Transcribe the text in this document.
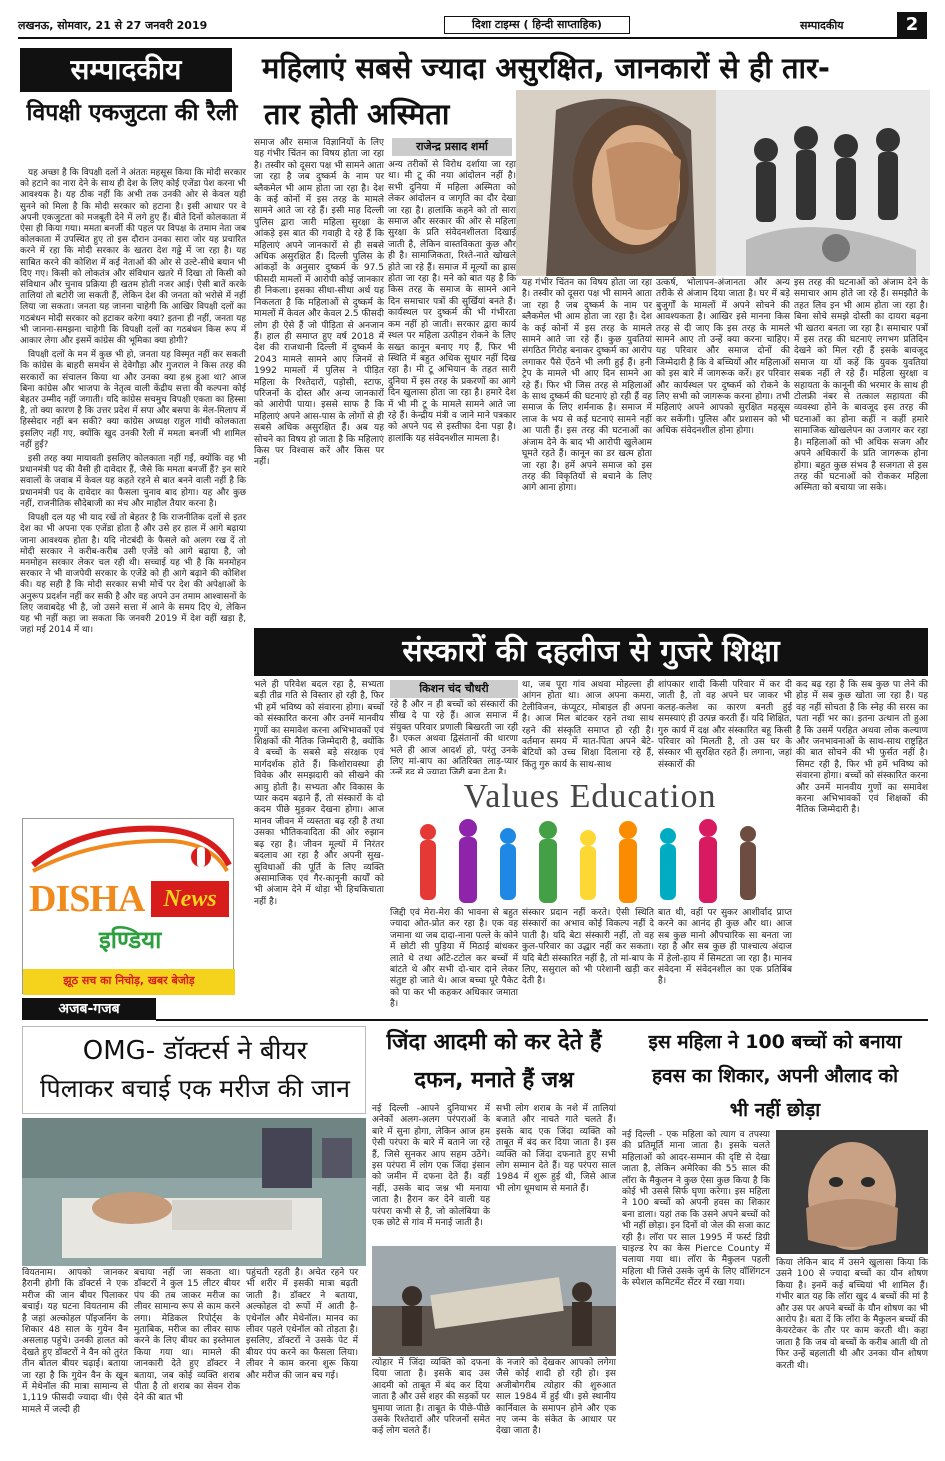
लखनऊ, सोमवार, 21 से 27 जनवरी 2019	दिशा टाइम्स ( हिन्दी साप्ताहिक)	सम्पादकीय	2
सम्पादकीय
विपक्षी एकजुटता की रैली

यह अच्छा है कि विपक्षी दलों ने अंततः महसूस किया कि मोदी सरकार को हटाने का नारा देने के साथ ही देश के लिए कोई एजेंडा पेश करना भी आवश्यक है। यह ठीक नहीं कि अभी तक उनकी ओर से केवल यही सुनने को मिला है कि मोदी सरकार को हटाना है। इसी आधार पर वे अपनी एकजुटता को मजबूती देने में लगे हुए हैं। बीते दिनों कोलकाता में ऐसा ही किया गया। ममता बनर्जी की पहल पर विपक्ष के तमाम नेता जब कोलकाता में उपस्थित हुए तो इस दौरान उनका सारा जोर यह प्रचारित करने में रहा कि मोदी सरकार के खतरा देश गढ्ढे में जा रहा है। यह साबित करने की कोशिश में कई नेताओं की ओर से उल्टे-सीधे बयान भी दिए गए। किसी को लोकतंत्र और संविधान खतरे में दिखा तो किसी को संविधान और चुनाव प्रक्रिया ही खतम होती नजर आई। ऐसी बातें करके तालियां तो बटोरी जा सकती हैं, लेकिन देश की जनता को भरोसे में नहीं लिया जा सकता। जनता यह जानना चाहेगी कि आखिर विपक्षी दलों का गठबंधन मोदी सरकार को हटाकर करेगा क्या? इतना ही नहीं, जनता यह भी जानना-समझना चाहेगी कि विपक्षी दलों का गठबंधन किस रूप में आकार लेगा और इसमें कांग्रेस की भूमिका क्या होगी?

विपक्षी दलों के मन में कुछ भी हो, जनता यह विस्मृत नहीं कर सकती कि कांग्रेस के बाहरी समर्थन से देवेगौड़ा और गुजराल ने किस तरह की सरकारों का संचालन किया था और उनका क्या हश्र हुआ था? आज बिना कांग्रेस और भाजपा के नेतृत्व वाली केंद्रीय सत्ता की कल्पना कोई बेहतर उम्मीद नहीं जगाती। यदि कांग्रेस सचमुच विपक्षी एकता का हिस्सा है, तो क्या कारण है कि उत्तर प्रदेश में सपा और बसपा के मेल-मिलाप में हिस्सेदार नहीं बन सकी? क्या कांग्रेस अध्यक्ष राहुल गांधी कोलकाता इसलिए नहीं गए, क्योंकि खुद उनकी रैली में ममता बनर्जी भी शामिल नहीं हुईं?

इसी तरह क्या मायावती इसलिए कोलकाता नहीं गईं, क्योंकि वह भी प्रधानमंत्री पद की वैसी ही दावेदार हैं, जैसे कि ममता बनर्जी हैं? इन सारे सवालों के जवाब में केवल यह कहते रहने से बात बनने वाली नहीं है कि प्रधानमंत्री पद के दावेदार का फैसला चुनाव बाद होगा। यह और कुछ नहीं, राजनीतिक सौदेबाजी का मंच और माहौल तैयार करना है।

विपक्षी दल यह भी याद रखें तो बेहतर है कि राजनीतिक दलों से इतर देश का भी अपना एक एजेंडा होता है और उसे हर हाल में आगे बढ़ाया जाना आवश्यक होता है। यदि नोटबंदी के फैसले को अलग रख दें तो मोदी सरकार ने करीब-करीब उसी एजेंडे को आगे बढ़ाया है, जो मनमोहन सरकार लेकर चल रही थी। सच्चाई यह भी है कि मनमोहन सरकार ने भी वाजपेयी सरकार के एजेंडे को ही आगे बढ़ाने की कोशिश की। यह सही है कि मोदी सरकार सभी मोर्चे पर देश की अपेक्षाओं के अनुरूप प्रदर्शन नहीं कर सकी है और वह अपने उन तमाम आश्वासनों के लिए जवाबदेह भी है, जो उसने सत्ता में आने के समय दिए थे, लेकिन यह भी नहीं कहा जा सकता कि जनवरी 2019 में देश वहीं खड़ा है, जहां मई 2014 में था।

DISHA News
इण्डिया
झूठ सच का निचोड़, खबर बेजोड़
अजब-गजब
महिलाएं सबसे ज्यादा असुरक्षित, जानकारों से ही तार-
तार होती अस्मिता
राजेन्द्र प्रसाद शर्मा
समाज और समाज विज्ञानियों के लिए यह गंभीर चिंतन का विषय होता जा रहा है। तस्वीर को दूसरा पक्ष भी सामने आता जा रहा है जब दुष्कर्म के नाम पर ब्लैकमेल भी आम होता जा रहा है। देश के कई कोनों में इस तरह के मामले सामने आते जा रहे हैं। इसी माह दिल्ली पुलिस द्वारा जारी महिला सुरक्षा के आंकड़े इस बात की गवाही दे रहे हैं कि महिलाएं अपने जानकारों से ही सबसे अधिक असुरक्षित हैं। दिल्ली पुलिस के आंकड़ों के अनुसार दुष्कर्म के 97.5 फीसदी मामलों में आरोपी कोई जानकार ही निकला। इसका सीधा-सीधा अर्थ यह निकलता है कि महिलाओं से दुष्कर्म के मामलों में केवल और केवल 2.5 फीसदी लोग ही ऐसे हैं जो पीड़िता से अनजान हैं। हाल ही समाप्त हुए वर्ष 2018 में देश की राजधानी दिल्ली में दुष्कर्म के 2043 मामले सामने आए जिनमें से 1992 मामलों में पुलिस ने पीड़ित महिला के रिश्तेदारों, पड़ोसी, स्टाफ, परिजनों के दोस्त और अन्य जानकारों को आरोपी पाया। इससे साफ है कि महिलाएं अपने आस-पास के लोगों से ही सबसे अधिक असुरक्षित हैं। अब यह सोचने का विषय हो जाता है कि महिलाएं किस पर विश्वास करें और किस पर नहीं।
अन्य तरीकों से विरोध दर्शाया जा रहा था। मी टू की नया आंदोलन नहीं है। सभी दुनिया में महिला अस्मिता को लेकर आंदोलन व जागृति का दौर देखा जा रहा है। हालांकि कहने को तो सारा समाज और सरकार की ओर से महिला सुरक्षा के प्रति संवेदनशीलता दिखाई जाती है, लेकिन वास्तविकता कुछ और ही है। सामाजिकता, रिश्ते-नाते खोखले होते जा रहे हैं। समाज में मूल्यों का ह्रास होता जा रहा है। मने को बात यह है कि किस तरह के समाज के सामने आने दिन समाचार पत्रों की सुर्खियां बनते हैं। कार्यस्थल पर दुष्कर्म की भी गंभीरता कम नहीं हो जाती। सरकार द्वारा कार्य स्थल पर महिला उत्पीड़न रोकने के लिए सख्त कानून बनाए गए हैं, फिर भी स्थिति में बहुत अधिक सुधार नहीं दिख रहा है। मी टू अभियान के तहत सारी दुनिया में इस तरह के प्रकरणों का आगे दिन खुलासा होता जा रहा है। हमारे देश में भी मी टू के मामले सामने आते जा रहे हैं। केन्द्रीय मंत्री व जाने माने पत्रकार को अपने पद से इस्तीफा देना पड़ा है। हालांकि यह संवेदनशील मामला है।
यह गंभीर चिंतन का विषय होता जा रहा है। तस्वीर को दूसरा पक्ष भी सामने आता जा रहा है जब दुष्कर्म के नाम पर ब्लैकमेल भी आम होता जा रहा है। देश के कई कोनों में इस तरह के मामले सामने आते जा रहे हैं। कुछ युवतियां संगठित गिरोह बनाकर दुष्कर्म का आरोप लगाकर पैसे ऐंठने भी लगी हुई हैं। हनी ट्रेप के मामले भी आए दिन सामने आ रहे हैं। फिर भी जिस तरह से महिलाओं के साथ दुष्कर्म की घटनाएं हो रही हैं वह समाज के लिए शर्मनाक है। समाज में लाज के भय से कई घटनाएं सामने नहीं आ पाती हैं। इस तरह की घटनाओं का अंजाम देने के बाद भी आरोपी खुलेआम घूमते रहते हैं। कानून का डर खत्म होता जा रहा है। हमें अपने समाज को इस तरह की विकृतियों से बचाने के लिए आगे आना होगा।
उत्कर्ष, भोलापन-अंजानता और अन्य तरीके से अंजाम दिया जाता है। घर में बड़े बुजुर्गों के मामलों में अपने सोचने की आवश्यकता है। आखिर इसे मानना किस तरह से दी जाए कि इस तरह के मामले सामने आए तो उन्हें क्या करना चाहिए। यह परिवार और समाज दोनों की जिम्मेदारी है कि वे बच्चियों और महिलाओं को इस बारे में जागरूक करें। हर परिवार और कार्यस्थल पर दुष्कर्म को रोकने के लिए सभी को जागरूक करना होगा। तभी महिलाएं अपने आपको सुरक्षित महसूस कर सकेंगी। पुलिस और प्रशासन को भी अधिक संवेदनशील होना होगा।
इस तरह की घटनाओं को अंजाम देने के समाचार आम होते जा रहे हैं। समझौते के तहत लिव इन भी आम होता जा रहा है। बिना सोचे समझे दोस्ती का दायरा बढ़ना भी खतरा बनता जा रहा है। समाचार पत्रों में इस तरह की घटनाएं लगभग प्रतिदिन देखने को मिल रही हैं इसके बावजूद समाज या यों कहें कि युवक युवतियां सबक नहीं ले रहे हैं। महिला सुरक्षा व सहायता के कानूनी की भरमार के साथ ही टोलफ्री नंबर से तत्काल सहायता की व्यवस्था होने के बावजूद इस तरह की घटनाओं का होना कहीं न कहीं हमारे सामाजिक खोखलेपन का उजागर कर रहा है। महिलाओं को भी अधिक सजग और अपने अधिकारों के प्रति जागरूक होना होगा। बहुत कुछ संभव है सजगता से इस तरह की घटनाओं को रोककर महिला अस्मिता को बचाया जा सके।
संस्कारों की दहलीज से गुजरे शिक्षा
किशन चंद चौधरी
भले ही परिवेश बदल रहा है, सभ्यता बड़ी तीव्र गति से विस्तार हो रही है, फिर भी हमें भविष्य को संवारना होगा। बच्चों को संस्कारित करना और उनमें मानवीय गुणों का समावेश करना अभिभावकों एवं शिक्षकों की नैतिक जिम्मेदारी है, क्योंकि वे बच्चों के सबसे बड़े संरक्षक एवं मार्गदर्शक होते हैं। किशोरावस्था ही विवेक और समझदारी को सीखने की आयु होती है। सभ्यता और विकास के प्यार कदम बढ़ाने हैं, तो संस्कारों के दो कदम पीछे मुड़कर देखना होगा। आज मानव जीवन में व्यस्तता बढ़ रही है तथा उसका भौतिकवादिता की ओर रुझान बढ़ रहा है। जीवन मूल्यों में निरंतर बदलाव आ रहा है और अपनी सुख-सुविधाओं की पूर्ति के लिए व्यक्ति असामाजिक एवं गैर-कानूनी कार्यों को भी अंजाम देने में थोड़ा भी हिचकिचाता नहीं है।
रहे है और न ही बच्चों को संस्कारों की सीख दे पा रहे हैं। आज समाज में संयुक्त परिवार प्रणाली बिखरती जा रही है। एकल अथवा द्विसंतानों की धारणा भले ही आज आदर्श हो, परंतु उनके लिए मां-बाप का अतिरिक्त लाड़-प्यार
था, जब पूरा गांव अथवा मोहल्ला ही आंगन होता था। आज अपना कमरा, टेलीविजन, कंप्यूटर, मोबाइल ही अपना है। आज मिल बांटकर रहने तथा साथ रहने की संस्कृति समाप्त हो रही है। वर्तमान समय में मात-पिता अपने बेटे-बेटियों को उच्च शिक्षा दिलाना रहे हैं, किंतु गुरु कार्य के साथ-साथ
शांपकार शादी किसी परिवार में कर दी जाती है, तो वह अपने घर जाकर भी कलह-कलेश का कारण बनती हुई समस्याएं ही उत्पन्न करती हैं। यदि शिक्षित, गुरु कार्य में दक्ष और संस्कारित बहू किसी परिवार को मिलती है, तो उस घर के संस्कार भी सुरक्षित रहते हैं। लगाना, जहां संस्कारों की
कद बढ़ रहा है कि सब कुछ पा लेने की होड़ में सब कुछ खोता जा रहा है। यह वह नहीं सोचता है कि स्नेह की सरस का पता नहीं भर का। इतना उत्थान तो हुआ है कि उसमें परहित अथवा लोक कल्याण और जनभावनाओं के साथ-साथ राष्ट्रहित की बात सोचने की भी फुर्सत नहीं है। सिमट रही है, फिर भी हमें भविष्य को संवारना होगा। बच्चों को संस्कारित करना और उनमें मानवीय गुणों का समावेश करना अभिभावकों एवं शिक्षकों की नैतिक जिम्मेदारी है।
Values Education
जिद्दी एवं मेरा-मेरा की भावना से बहुत ज्यादा ओत-प्रोत कर रहा है। एक वह जमाना था जब दादा-नाना पल्ले के कोने में छोटी सी पुड़िया में मिठाई बांधकर लाते थे तथा आँटे-टटोल कर बच्चों में बांटते थे और सभी दो-चार दाने लेकर संतुष्ट हो जाते थे। आज बच्चा पूरे पैकेट को पा कर भी कहकर अधिकार जमाता है।
संस्कार प्रदान नहीं करते। ऐसी स्थिति संस्कारों का अभाव कोई विकल्प नहीं दे पाती है। यदि बेटा संस्कारी नहीं, तो वह कुल-परिवार का उद्धार नहीं कर सकता। यदि बेटी संस्कारित नहीं है, तो मां-बाप के लिए, ससुराल को भी परेशानी खड़ी कर देती है।
बात थी, वहीं पर सुकर आशीर्वाद प्राप्त करने का आनंद ही कुछ और था। आज सब कुछ मानो औपचारिक सा बनता जा रहा है और सब कुछ ही पाश्चात्य अंदाज में हेलो-हाय में सिमटता जा रहा है। मानव संवेदना में संवेदनशील का एक प्रतिबिंब है।
OMG- डॉक्टर्स ने बीयर
पिलाकर बचाई एक मरीज की जान
वियतनाम। आपको जानकर हैरानी होगी कि डॉक्टर्स ने एक मरीज की जान बीयर पिलाकर बचाई। यह घटना वियतनाम की है जहां अल्कोहल पॉइजनिंग के शिकार 48 साल के गुयेन वैन असलाह पहुंचे। उनकी हालत को देखते हुए डॉक्टरों ने वैन को तुरंत तीन बोतल बीयर चढ़ाई। बताया जा रहा है कि गुयेन वैन के खून में मेथेनॉल की मात्रा सामान्य से 1,119 फीसदी ज्यादा थी। ऐसे मामले में जल्दी ही
बचाया नहीं जा सकता था। डॉक्टरों ने कुल 15 लीटर बीयर पंप की तब जाकर मरीज का लीवर सामान्य रूप से काम करने लगा। मेडिकल रिपोर्ट्स के मुताबिक, मरीज का लीवर साफ करने के लिए बीयर का इस्तेमाल किया गया था। मामले की जानकारी देते हुए डॉक्टर ने बताया, जब कोई व्यक्ति शराब पीता है तो शराब का सेवन रोक देने की बात भी
पहुंचती रहती है। अचेत रहने पर भी शरीर में इसकी मात्रा बढ़ती जाती है। डॉक्टर ने बताया, अल्कोहल दो रूपों में आती है- एथेनॉल और मेथेनॉल। मानव का लीवर पहले एथेनॉल को तोड़ता है। इसलिए, डॉक्टरों ने उसके पेट में बीयर पंप करने का फैसला लिया। लीवर ने काम करना शुरू किया और मरीज की जान बच गई।
जिंदा आदमी को कर देते हैं
दफन, मनाते हैं जश्न
नई दिल्ली -आपने दुनियाभर में अनेकों अलग-अलग परंपराओं के बारे में सुना होगा, लेकिन आज हम ऐसी परंपरा के बारे में बताने जा रहे हैं, जिसे सुनकर आप सहम उठेंगे। इस परंपरा में लोग एक जिंदा इंसान को जमीन में दफना देते हैं। वहीं नहीं, उसके बाद जश्न भी मनाया जाता है। हैरान कर देने वाली यह परंपरा कभी से है, जो कोलंबिया के एक छोटे से गांव में मनाई जाती है।
सभी लोग शराब के नशे में तालियां बजाते और नाचते गाते चलते हैं। इसके बाद एक जिंदा व्यक्ति को ताबूत में बंद कर दिया जाता है। इस व्यक्ति को जिंदा दफनाते हुए सभी लोग सम्मान देते हैं। यह परंपरा साल 1984 में शुरू हुई थी, जिसे आज भी लोग धूमधाम से मनाते हैं।
त्योहार में जिंदा व्यक्ति को दफना दिया जाता है। इसके बाद उस आदमी को ताबूत में बंद कर दिया जाता है और उसे शहर की सड़कों पर घुमाया जाता है। ताबूत के पीछे-पीछे उसके रिश्तेदारों और परिजनों समेत कई लोग चलते हैं।
के नजारे को देखकर आपको लगेगा जैसे कोई शादी हो रही हो। इस अजीबोगरीब त्योहार की शुरुआत साल 1984 में हुई थी। इसे स्थानीय कार्निवाल के समापन होने और एक नए जन्म के संकेत के आधार पर देखा जाता है।
इस महिला ने 100 बच्चों को बनाया
हवस का शिकार, अपनी औलाद को
भी नहीं छोड़ा
नई दिल्ली - एक महिला को त्याग व तपस्या की प्रतिमूर्ति माना जाता है। इसके चलते महिलाओं को आदर-सम्मान की दृष्टि से देखा जाता है, लेकिन अमेरिका की 55 साल की लॉरा के मैकुलन ने कुछ ऐसा कुछ किया है कि कोई भी उससे सिर्फ घृणा करेगा। इस महिला ने 100 बच्चों को अपनी हवस का शिकार बना डाला। यहां तक कि उसने अपने बच्चों को भी नहीं छोड़ा। इन दिनों वो जेल की सजा काट रही है। लॉरा पर साल 1995 में फर्स्ट डिग्री चाइल्ड रेप का केस Pierce County में चलाया गया था। लॉरा के मैकुलन पहली महिला थी जिसे उसके जुर्म के लिए वॉशिंगटन के स्पेशल कमिटमेंट सेंटर में रखा गया।
किया लेकिन बाद में उसने खुलासा किया कि उसने 100 से ज्यादा बच्चों का यौन शोषण किया है। इनमें कई बच्चियां भी शामिल हैं। गंभीर बात यह कि लॉरा खुद 4 बच्चों की मां है और उस पर अपने बच्चों के यौन शोषण का भी आरोप है। बता दें कि लॉरा के मैकुलन बच्चों की केयरटेकर के तौर पर काम करती थी। कहा जाता है कि जब वो बच्चों के करीब आती थी तो फिर उन्हें बहलाती थी और उनका यौन शोषण करती थी।
